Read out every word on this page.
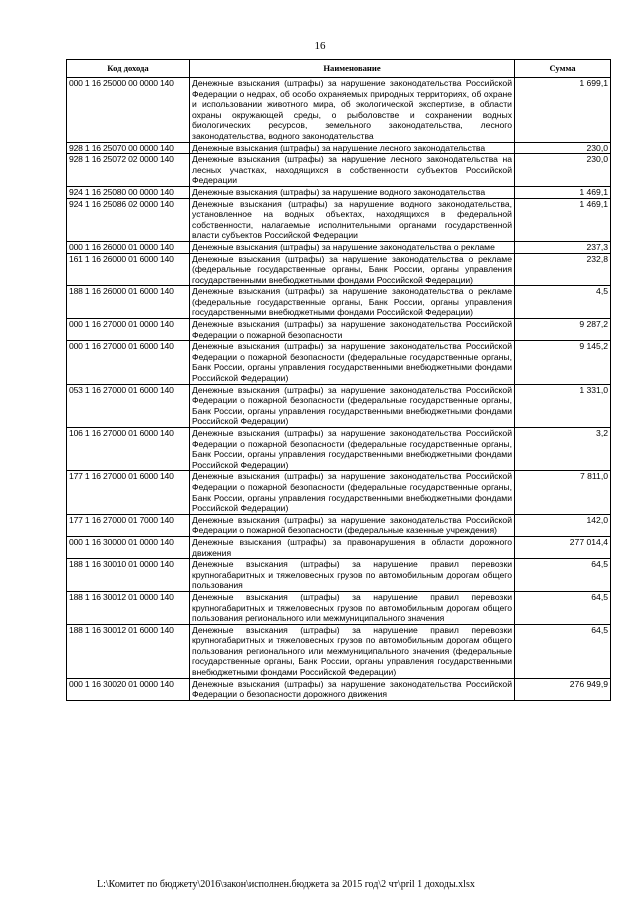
16
Код дохода	Наименование	Сумма
000 1 16 25000 00 0000 140	Денежные взыскания (штрафы) за нарушение законодательства Российской Федерации о недрах, об особо охраняемых природных территориях, об охране и использовании животного мира, об экологической экспертизе, в области охраны окружающей среды, о рыболовстве и сохранении водных биологических ресурсов, земельного законодательства, лесного законодательства, водного законодательства	1 699,1
928 1 16 25070 00 0000 140	Денежные взыскания (штрафы) за нарушение лесного законодательства	230,0
928 1 16 25072 02 0000 140	Денежные взыскания (штрафы) за нарушение лесного законодательства на лесных участках, находящихся в собственности субъектов Российской Федерации	230,0
924 1 16 25080 00 0000 140	Денежные взыскания (штрафы) за нарушение водного законодательства	1 469,1
924 1 16 25086 02 0000 140	Денежные взыскания (штрафы) за нарушение водного законодательства, установленное на водных объектах, находящихся в федеральной собственности, налагаемые исполнительными органами государственной власти субъектов Российской Федерации	1 469,1
000 1 16 26000 01 0000 140	Денежные взыскания (штрафы) за нарушение законодательства о рекламе	237,3
161 1 16 26000 01 6000 140	Денежные взыскания (штрафы) за нарушение законодательства о рекламе (федеральные государственные органы, Банк России, органы управления государственными внебюджетными фондами Российской Федерации)	232,8
188 1 16 26000 01 6000 140	Денежные взыскания (штрафы) за нарушение законодательства о рекламе (федеральные государственные органы, Банк России, органы управления государственными внебюджетными фондами Российской Федерации)	4,5
000 1 16 27000 01 0000 140	Денежные взыскания (штрафы) за нарушение законодательства Российской Федерации о пожарной безопасности	9 287,2
000 1 16 27000 01 6000 140	Денежные взыскания (штрафы) за нарушение законодательства Российской Федерации о пожарной безопасности (федеральные государственные органы, Банк России, органы управления государственными внебюджетными фондами Российской Федерации)	9 145,2
053 1 16 27000 01 6000 140	Денежные взыскания (штрафы) за нарушение законодательства Российской Федерации о пожарной безопасности (федеральные государственные органы, Банк России, органы управления государственными внебюджетными фондами Российской Федерации)	1 331,0
106 1 16 27000 01 6000 140	Денежные взыскания (штрафы) за нарушение законодательства Российской Федерации о пожарной безопасности (федеральные государственные органы, Банк России, органы управления государственными внебюджетными фондами Российской Федерации)	3,2
177 1 16 27000 01 6000 140	Денежные взыскания (штрафы) за нарушение законодательства Российской Федерации о пожарной безопасности (федеральные государственные органы, Банк России, органы управления государственными внебюджетными фондами Российской Федерации)	7 811,0
177 1 16 27000 01 7000 140	Денежные взыскания (штрафы) за нарушение законодательства Российской Федерации о пожарной безопасности (федеральные казенные учреждения)	142,0
000 1 16 30000 01 0000 140	Денежные взыскания (штрафы) за правонарушения в области дорожного движения	277 014,4
188 1 16 30010 01 0000 140	Денежные взыскания (штрафы) за нарушение правил перевозки крупногабаритных и тяжеловесных грузов по автомобильным дорогам общего пользования	64,5
188 1 16 30012 01 0000 140	Денежные взыскания (штрафы) за нарушение правил перевозки крупногабаритных и тяжеловесных грузов по автомобильным дорогам общего пользования регионального или межмуниципального значения	64,5
188 1 16 30012 01 6000 140	Денежные взыскания (штрафы) за нарушение правил перевозки крупногабаритных и тяжеловесных грузов по автомобильным дорогам общего пользования регионального или межмуниципального значения (федеральные государственные органы, Банк России, органы управления государственными внебюджетными фондами Российской Федерации)	64,5
000 1 16 30020 01 0000 140	Денежные взыскания (штрафы) за нарушение законодательства Российской Федерации о безопасности дорожного движения	276 949,9
L:\Комитет по бюджету\2016\закон\исполнен.бюджета за 2015 год\2 чт\pril 1 доходы.xlsx
